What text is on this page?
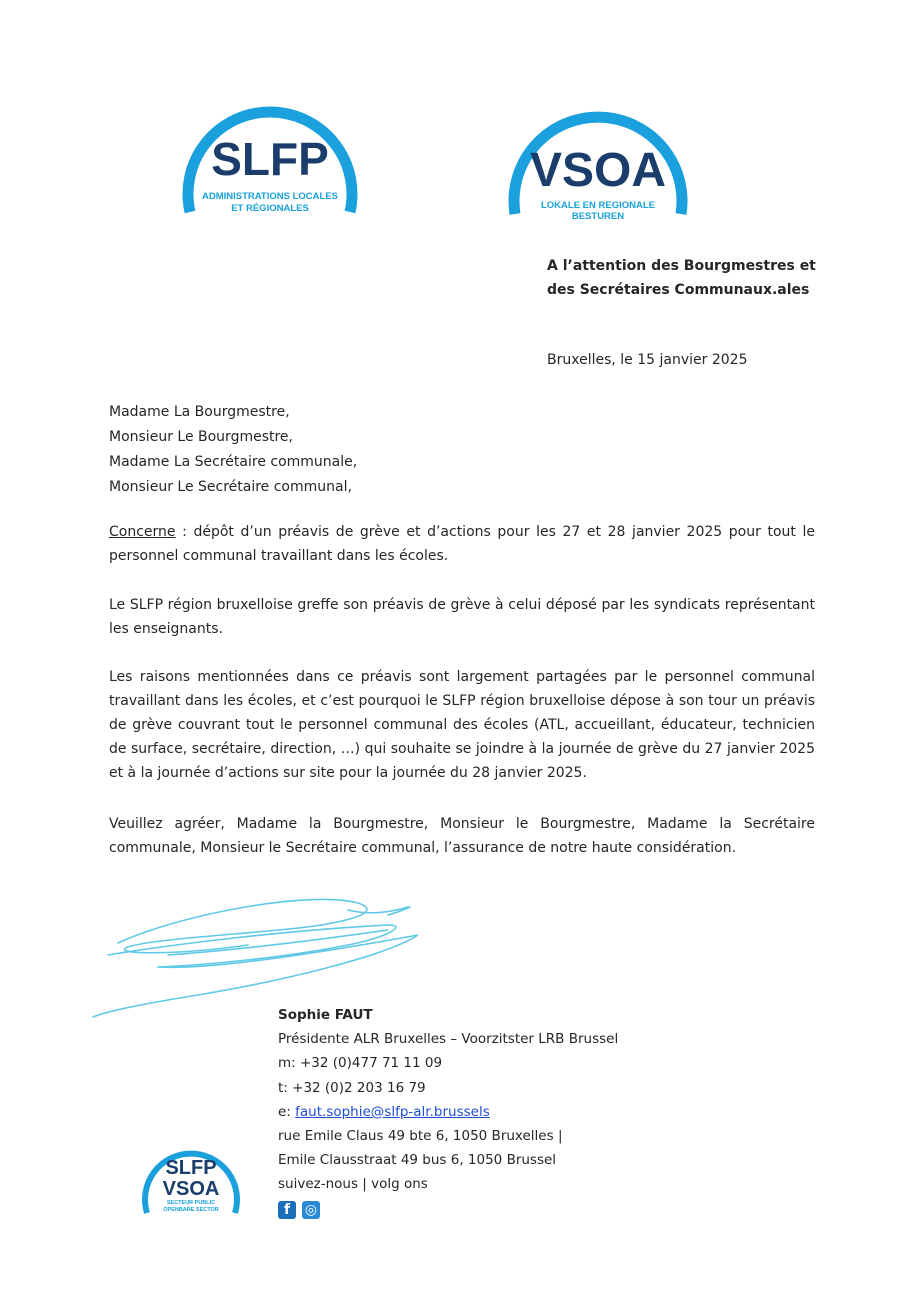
SLFP
ADMINISTRATIONS LOCALES
ET RÉGIONALES
VSOA
LOKALE EN REGIONALE
BESTUREN
A l’attention des Bourgmestres et
des Secrétaires Communaux.ales
Bruxelles, le 15 janvier 2025
Madame La Bourgmestre,
Monsieur Le Bourgmestre,
Madame La Secrétaire communale,
Monsieur Le Secrétaire communal,
Concerne : dépôt d’un préavis de grève et d’actions pour les 27 et 28 janvier 2025 pour tout le personnel communal travaillant dans les écoles.
Le SLFP région bruxelloise greffe son préavis de grève à celui déposé par les syndicats représentant les enseignants.
Les raisons mentionnées dans ce préavis sont largement partagées par le personnel communal travaillant dans les écoles, et c’est pourquoi le SLFP région bruxelloise dépose à son tour un préavis de grève couvrant tout le personnel communal des écoles (ATL, accueillant, éducateur, technicien de surface, secrétaire, direction, …) qui souhaite se joindre à la journée de grève du 27 janvier 2025 et à la journée d’actions sur site pour la journée du 28 janvier 2025.
Veuillez agréer, Madame la Bourgmestre, Monsieur le Bourgmestre, Madame la Secrétaire communale, Monsieur le Secrétaire communal, l’assurance de notre haute considération.
Sophie FAUT
Présidente ALR Bruxelles – Voorzitster LRB Brussel
m: +32 (0)477 71 11 09
t: +32 (0)2 203 16 79
e: faut.sophie@slfp-alr.brussels
rue Emile Claus 49 bte 6, 1050 Bruxelles |
Emile Clausstraat 49 bus 6, 1050 Brussel
suivez-nous | volg ons
f	◎
SLFP
VSOA
SECTEUR PUBLIC
OPENBARE SECTOR
